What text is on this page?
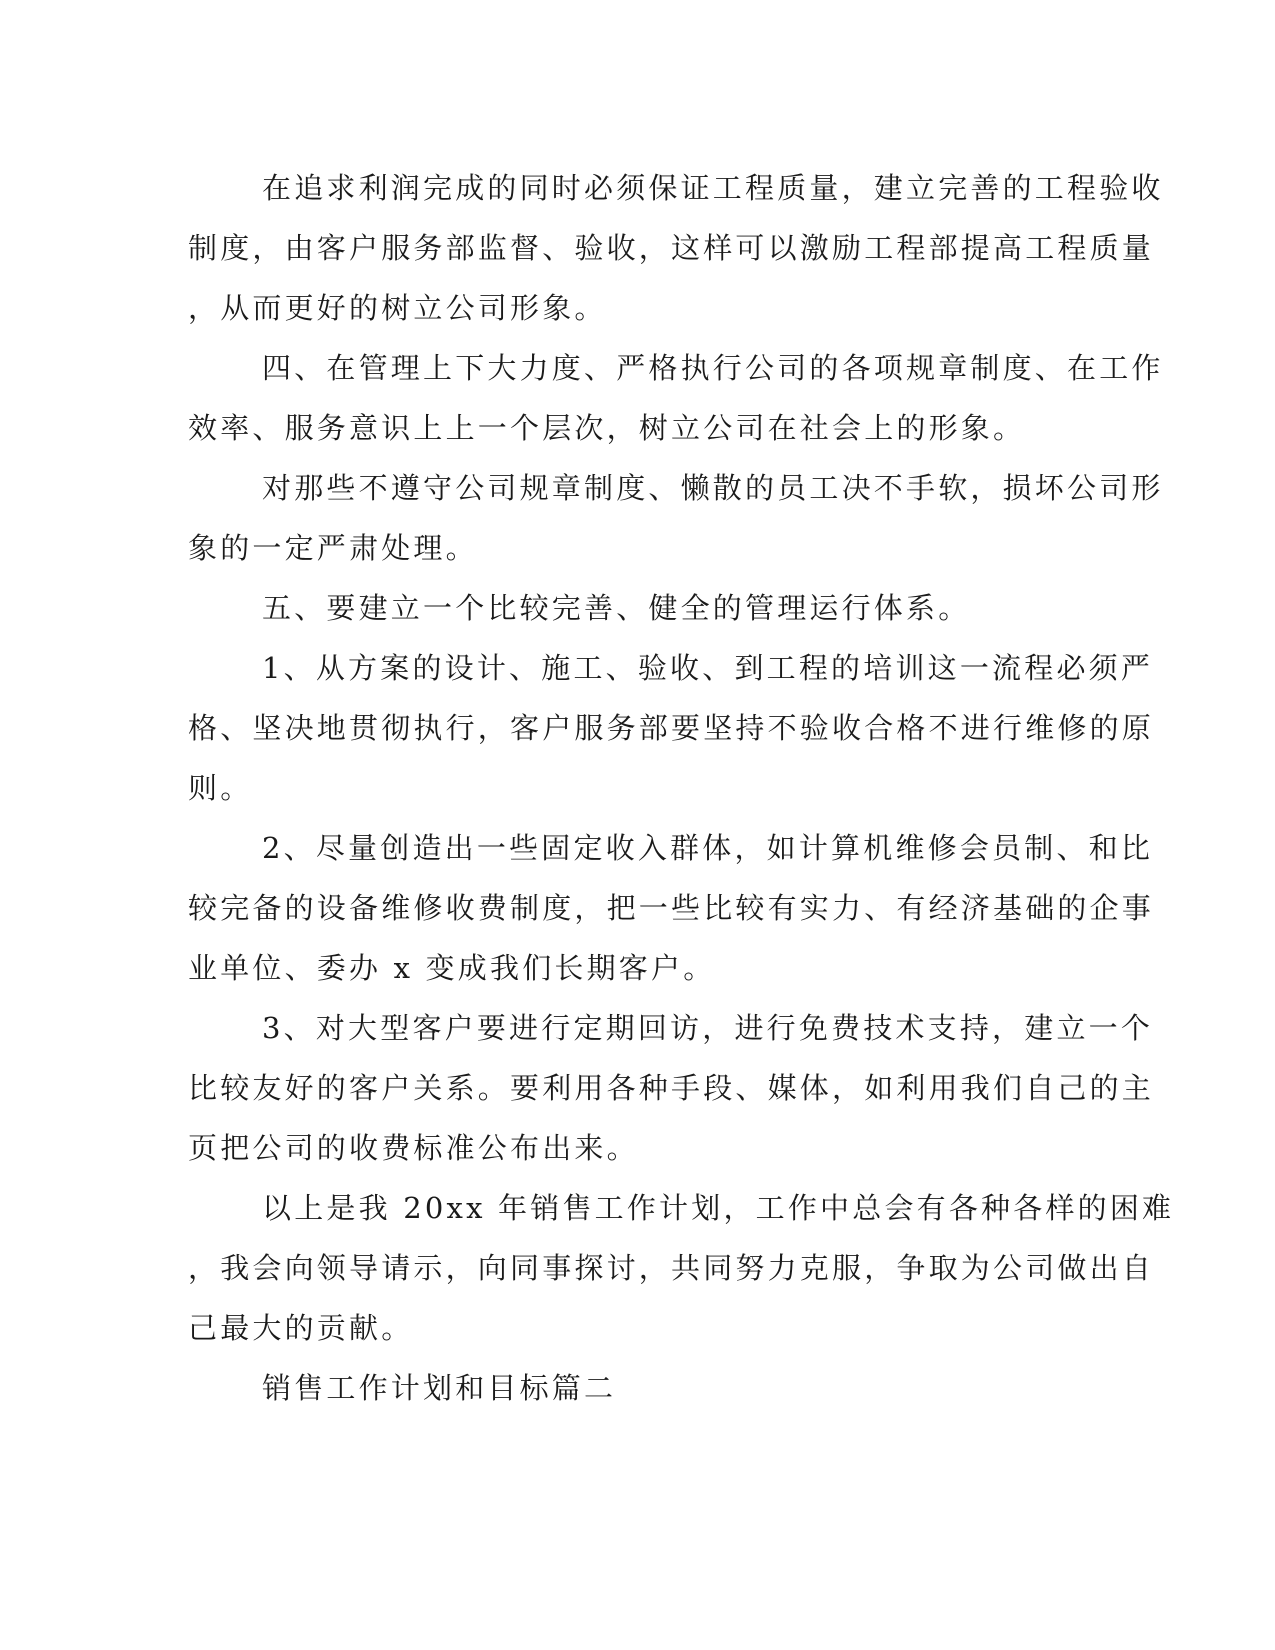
在追求利润完成的同时必须保证工程质量，建立完善的工程验收
制度，由客户服务部监督、验收，这样可以激励工程部提高工程质量
，从而更好的树立公司形象。
四、在管理上下大力度、严格执行公司的各项规章制度、在工作
效率、服务意识上上一个层次，树立公司在社会上的形象。
对那些不遵守公司规章制度、懒散的员工决不手软，损坏公司形
象的一定严肃处理。
五、要建立一个比较完善、健全的管理运行体系。
1、从方案的设计、施工、验收、到工程的培训这一流程必须严
格、坚决地贯彻执行，客户服务部要坚持不验收合格不进行维修的原
则。
2、尽量创造出一些固定收入群体，如计算机维修会员制、和比
较完备的设备维修收费制度，把一些比较有实力、有经济基础的企事
业单位、委办 x 变成我们长期客户。
3、对大型客户要进行定期回访，进行免费技术支持，建立一个
比较友好的客户关系。要利用各种手段、媒体，如利用我们自己的主
页把公司的收费标准公布出来。
以上是我 20xx 年销售工作计划，工作中总会有各种各样的困难
，我会向领导请示，向同事探讨，共同努力克服，争取为公司做出自
己最大的贡献。
销售工作计划和目标篇二
